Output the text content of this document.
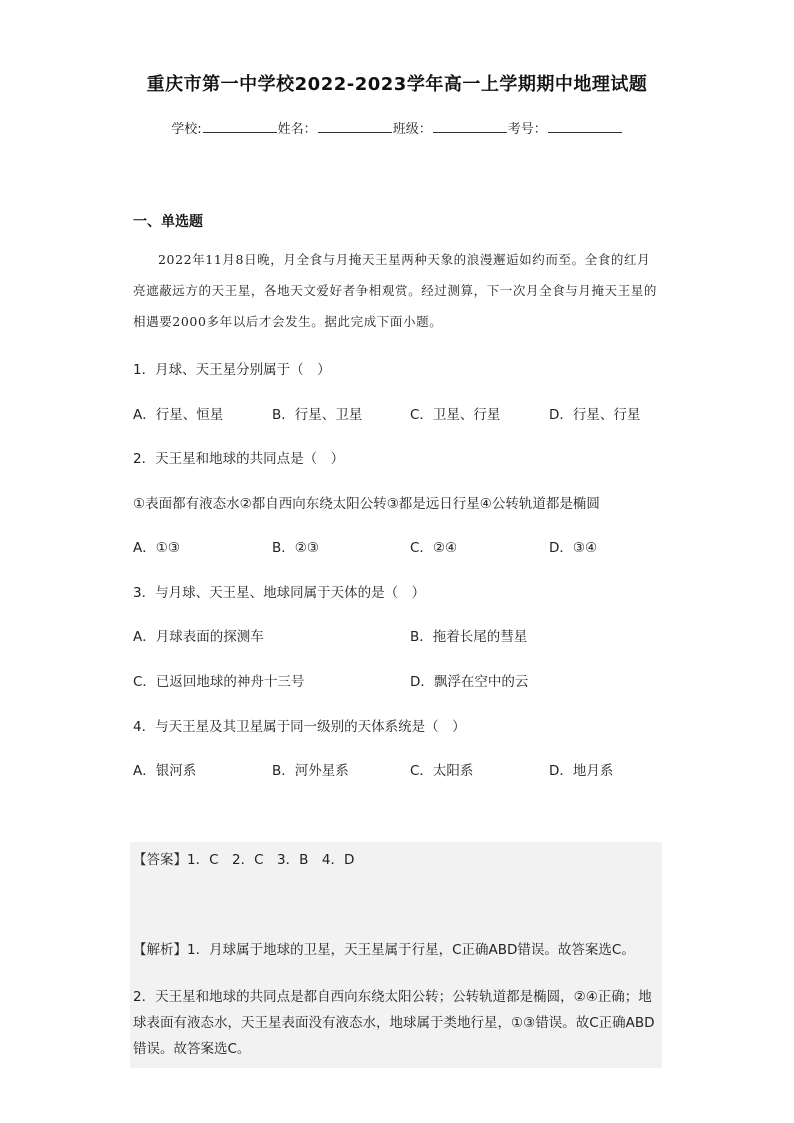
重庆市第一中学校2022-2023学年高一上学期期中地理试题
学校:	姓名：	班级：	考号：
一、单选题

2022年11月8日晚，月全食与月掩天王星两种天象的浪漫邂逅如约而至。全食的红月亮遮蔽远方的天王星，各地天文爱好者争相观赏。经过测算，下一次月全食与月掩天王星的相遇要2000多年以后才会发生。据此完成下面小题。

1．月球、天王星分别属于（　）
A．行星、恒星	B．行星、卫星	C．卫星、行星	D．行星、行星
2．天王星和地球的共同点是（　）
①表面都有液态水②都自西向东绕太阳公转③都是远日行星④公转轨道都是椭圆
A．①③	B．②③	C．②④	D．③④
3．与月球、天王星、地球同属于天体的是（　）
A．月球表面的探测车	B．拖着长尾的彗星
C．已返回地球的神舟十三号	D．飘浮在空中的云
4．与天王星及其卫星属于同一级别的天体系统是（　）
A．银河系	B．河外星系	C．太阳系	D．地月系
【答案】1．C　2．C　3．B　4．D
【解析】1．月球属于地球的卫星，天王星属于行星，C正确ABD错误。故答案选C。

2．天王星和地球的共同点是都自西向东绕太阳公转；公转轨道都是椭圆，②④正确；地球表面有液态水，天王星表面没有液态水，地球属于类地行星，①③错误。故C正确ABD错误。故答案选C。
